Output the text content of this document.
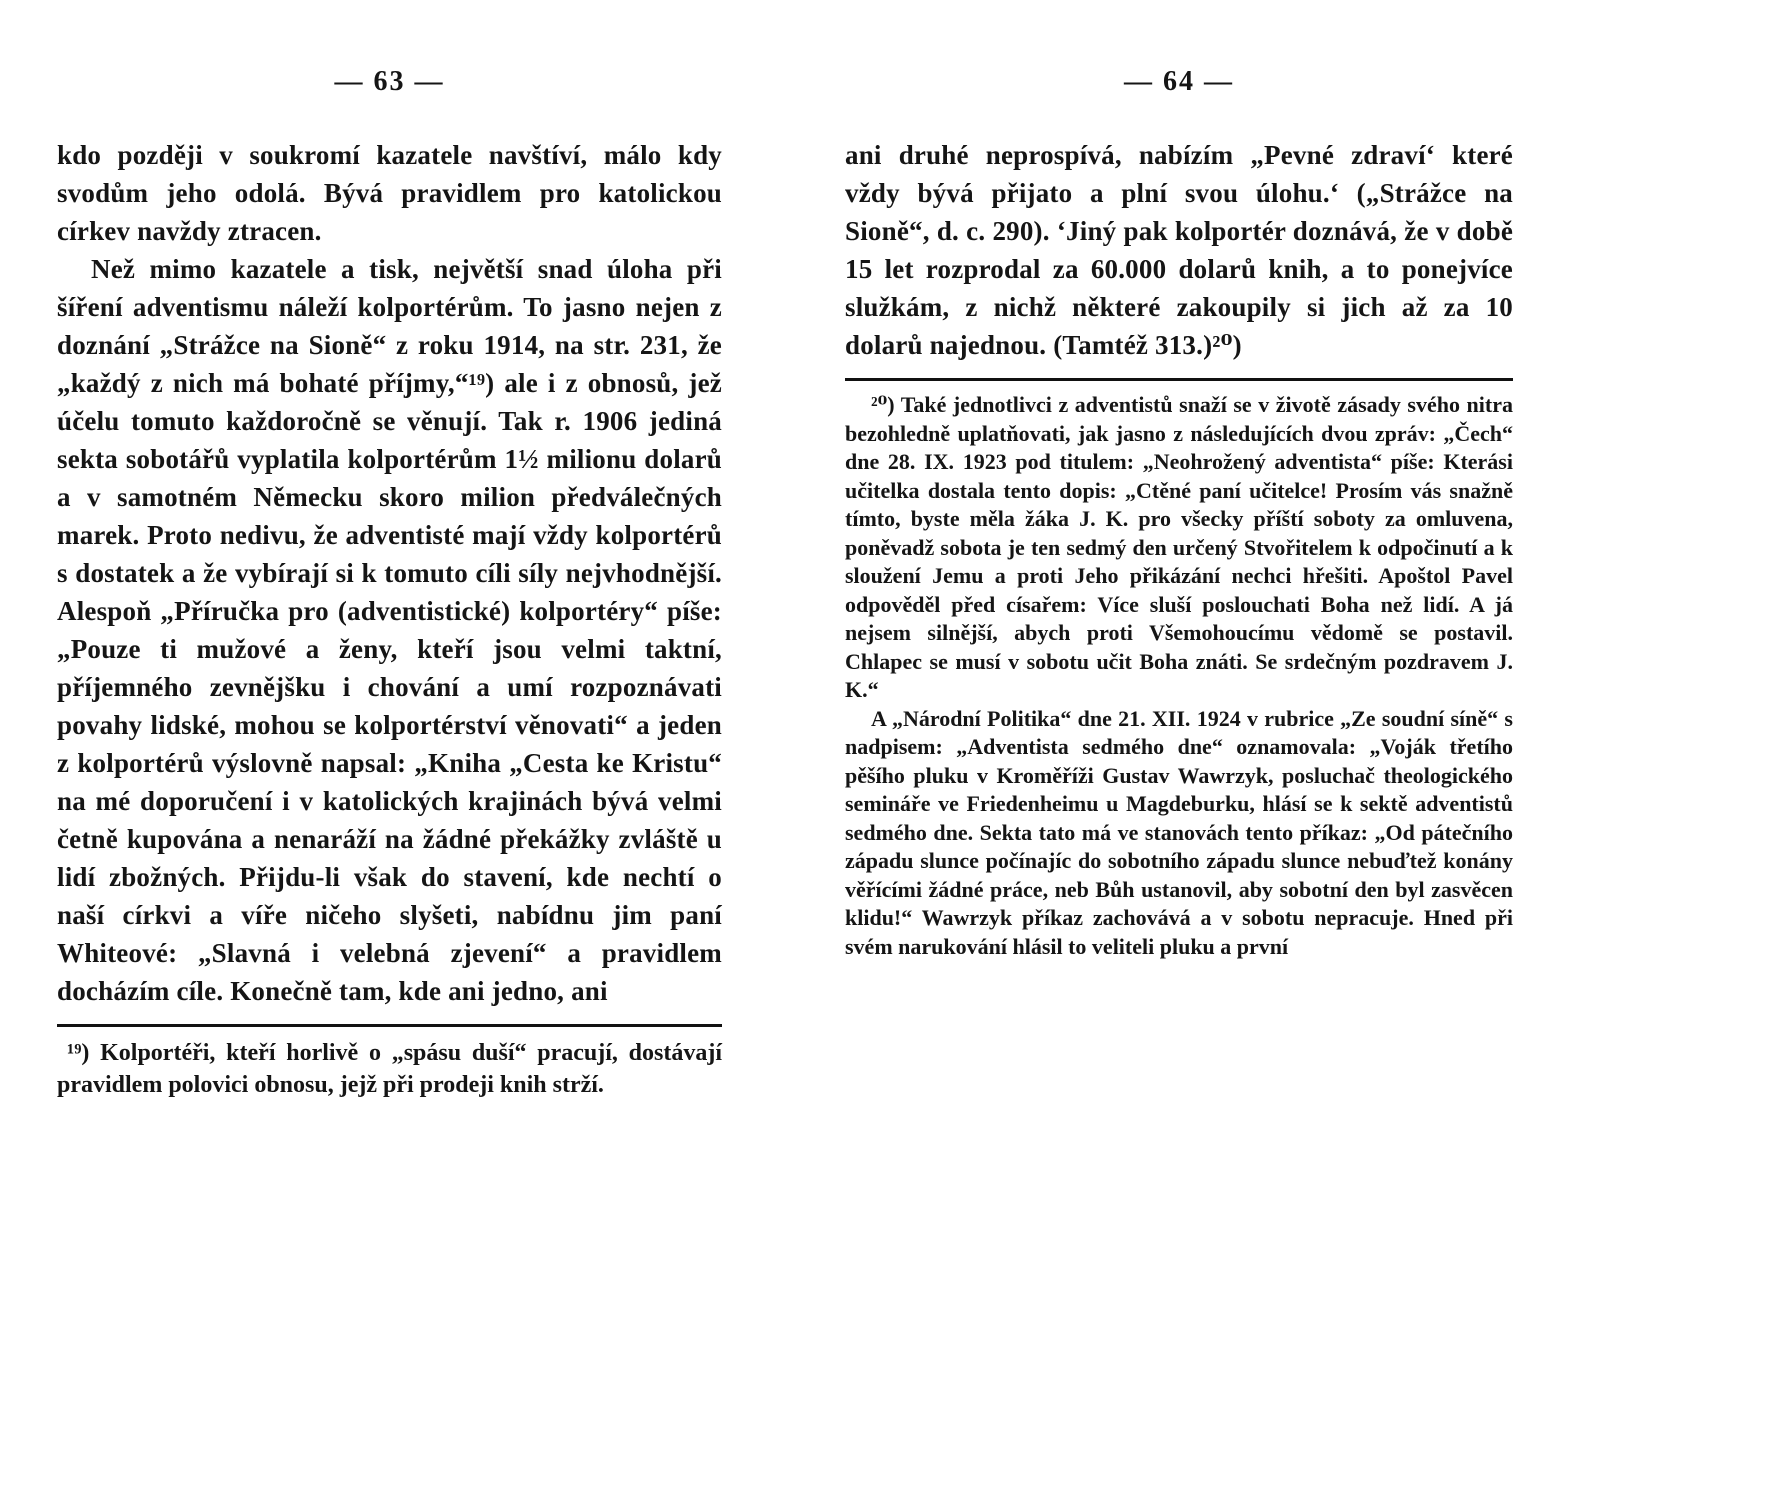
— 63 —

kdo později v soukromí kazatele navštíví, málo kdy svodům jeho odolá. Bývá pravidlem pro katolickou církev navždy ztracen.

Než mimo kazatele a tisk, největší snad úloha při šíření adventismu náleží kolportérům. To jasno nejen z doznání „Strážce na Sioně“ z roku 1914, na str. 231, že „každý z nich má bohaté příjmy,“¹⁹) ale i z obnosů, jež účelu tomuto každoročně se věnují. Tak r. 1906 jediná sekta sobotářů vyplatila kolportérům 1½ milionu dolarů a v samotném Německu skoro milion předválečných marek. Proto nedivu, že adventisté mají vždy kolportérů s dostatek a že vybírají si k tomuto cíli síly nejvhodnější. Alespoň „Příručka pro (adventistické) kolportéry“ píše: „Pouze ti mužové a ženy, kteří jsou velmi taktní, příjemného zevnějšku i chování a umí rozpoznávati povahy lidské, mohou se kolportérství věnovati“ a jeden z kolportérů výslovně napsal: „Kniha „Cesta ke Kristu“ na mé doporučení i v katolických krajinách bývá velmi četně kupována a nenaráží na žádné překážky zvláště u lidí zbožných. Přijdu-li však do stavení, kde nechtí o naší církvi a víře ničeho slyšeti, nabídnu jim paní Whiteové: „Slavná i velebná zjevení“ a pravidlem docházím cíle. Konečně tam, kde ani jedno, ani

¹⁹) Kolportéři, kteří horlivě o „spásu duší“ pracují, dostávají pravidlem polovici obnosu, jejž při prodeji knih strží.

— 64 —

ani druhé neprospívá, nabízím „Pevné zdraví‘ které vždy bývá přijato a plní svou úlohu.‘ („Strážce na Sioně“, d. c. 290). ‘Jiný pak kolportér doznává, že v době 15 let rozprodal za 60.000 dolarů knih, a to ponejvíce služkám, z nichž některé zakoupily si jich až za 10 dolarů najednou. (Tamtéž 313.)²⁰)

²⁰) Také jednotlivci z adventistů snaží se v životě zásady svého nitra bezohledně uplatňovati, jak jasno z následujících dvou zpráv: „Čech“ dne 28. IX. 1923 pod titulem: „Neohrožený adventista“ píše: Kterási učitelka dostala tento dopis: „Ctěné paní učitelce! Prosím vás snažně tímto, byste měla žáka J. K. pro všecky příští soboty za omluvena, poněvadž sobota je ten sedmý den určený Stvořitelem k odpočinutí a k sloužení Jemu a proti Jeho přikázání nechci hřešiti. Apoštol Pavel odpověděl před císařem: Více sluší poslouchati Boha než lidí. A já nejsem silnější, abych proti Všemohoucímu vědomě se postavil. Chlapec se musí v sobotu učit Boha znáti. Se srdečným pozdravem J. K.“

A „Národní Politika“ dne 21. XII. 1924 v rubrice „Ze soudní síně“ s nadpisem: „Adventista sedmého dne“ oznamovala: „Voják třetího pěšího pluku v Kroměříži Gustav Wawrzyk, posluchač theologického semináře ve Friedenheimu u Magdeburku, hlásí se k sektě adventistů sedmého dne. Sekta tato má ve stanovách tento příkaz: „Od pátečního západu slunce počínajíc do sobotního západu slunce nebuďtež konány věřícími žádné práce, neb Bůh ustanovil, aby sobotní den byl zasvěcen klidu!“ Wawrzyk příkaz zachovává a v sobotu nepracuje. Hned při svém narukování hlásil to veliteli pluku a první
